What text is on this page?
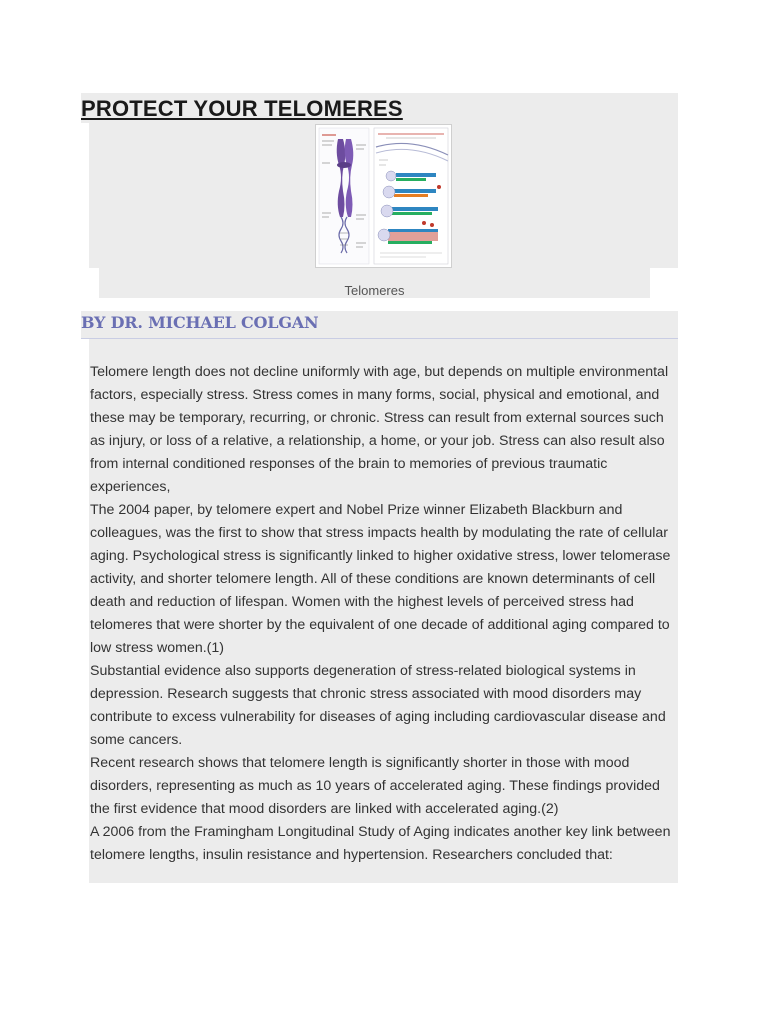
PROTECT YOUR TELOMERES
Telomeres
BY DR. MICHAEL COLGAN

Telomere length does not decline uniformly with age, but depends on multiple environmental factors, especially stress. Stress comes in many forms, social, physical and emotional, and these may be temporary, recurring, or chronic. Stress can result from external sources such as injury, or loss of a relative, a relationship, a home, or your job. Stress can also result also from internal conditioned responses of the brain to memories of previous traumatic experiences,

The 2004 paper, by telomere expert and Nobel Prize winner Elizabeth Blackburn and colleagues, was the first to show that stress impacts health by modulating the rate of cellular aging. Psychological stress is significantly linked to higher oxidative stress, lower telomerase activity, and shorter telomere length. All of these conditions are known determinants of cell death and reduction of lifespan. Women with the highest levels of perceived stress had telomeres that were shorter by the equivalent of one decade of additional aging compared to low stress women.(1)

Substantial evidence also supports degeneration of stress-related biological systems in depression. Research suggests that chronic stress associated with mood disorders may contribute to excess vulnerability for diseases of aging including cardiovascular disease and some cancers.

Recent research shows that telomere length is significantly shorter in those with mood disorders, representing as much as 10 years of accelerated aging. These findings provided the first evidence that mood disorders are linked with accelerated aging.(2)

A 2006 from the Framingham Longitudinal Study of Aging indicates another key link between telomere lengths, insulin resistance and hypertension. Researchers concluded that:
